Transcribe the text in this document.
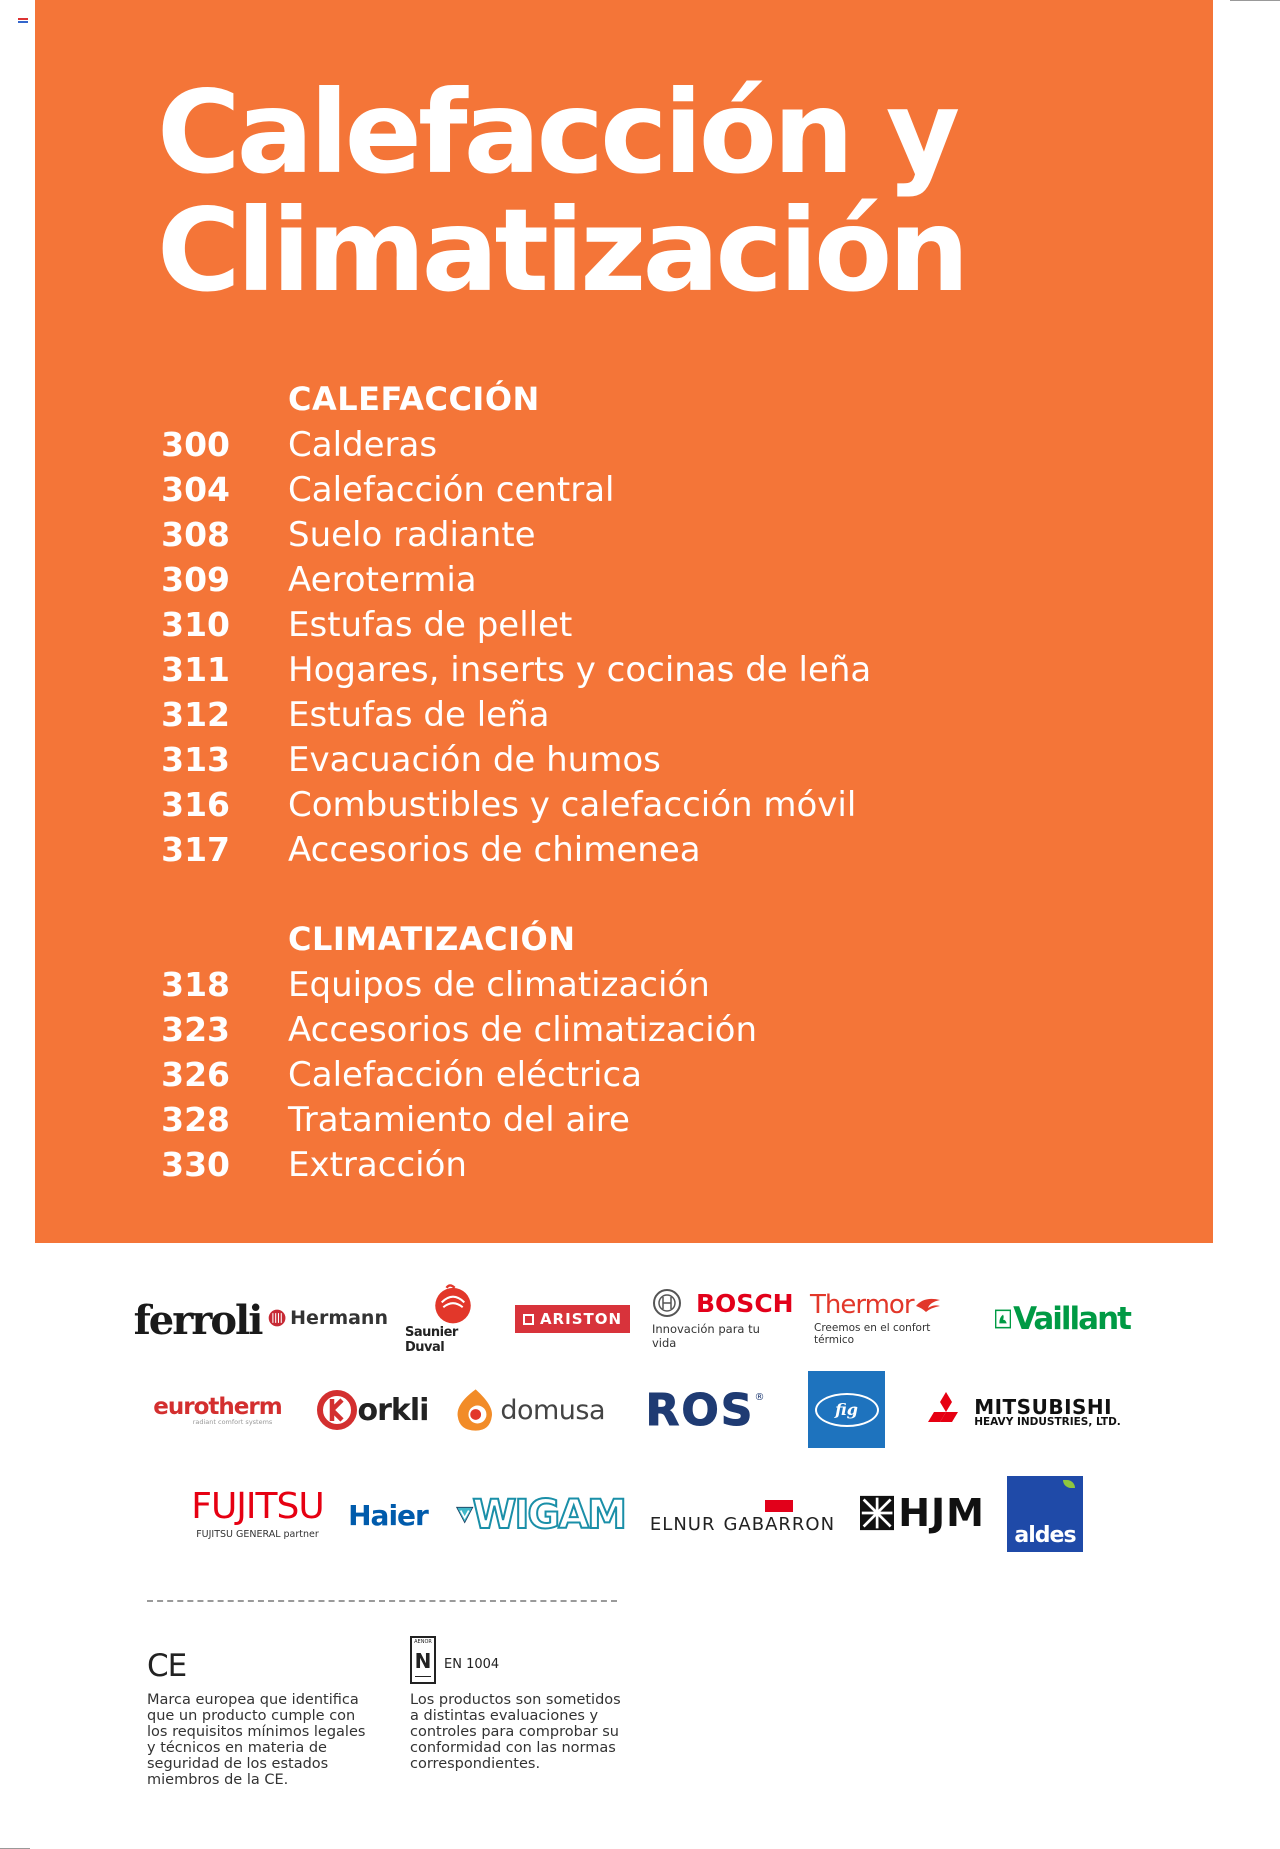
Calefacción y
Climatización
CALEFACCIÓN
300 Calderas
304 Calefacción central
308 Suelo radiante
309 Aerotermia
310 Estufas de pellet
311 Hogares, inserts y cocinas de leña
312 Estufas de leña
313 Evacuación de humos
316 Combustibles y calefacción móvil
317 Accesorios de chimenea
CLIMATIZACIÓN
318 Equipos de climatización
323 Accesorios de climatización
326 Calefacción eléctrica
328 Tratamiento del aire
330 Extracción
ferroli Hermann
Saunier Duval
ARISTON
BOSCH
Innovación para tu vida
Thermor
Creemos en el confort térmico
Vaillant
eurotherm
radiant comfort systems	orkli	domusa ROS ®
fig	MITSUBISHI
HEAVY INDUSTRIES, LTD.
FUJITSU
FUJITSU GENERAL partner
Haier WIGAM ELNUR GABARRON HJM
aldes
CE
Marca europea que identifica que un producto cumple con los requisitos mínimos legales y técnicos en materia de seguridad de los estados miembros de la CE.
AENOR
N EN 1004
Los productos son sometidos a distintas evaluaciones y controles para comprobar su conformidad con las normas correspondientes.
